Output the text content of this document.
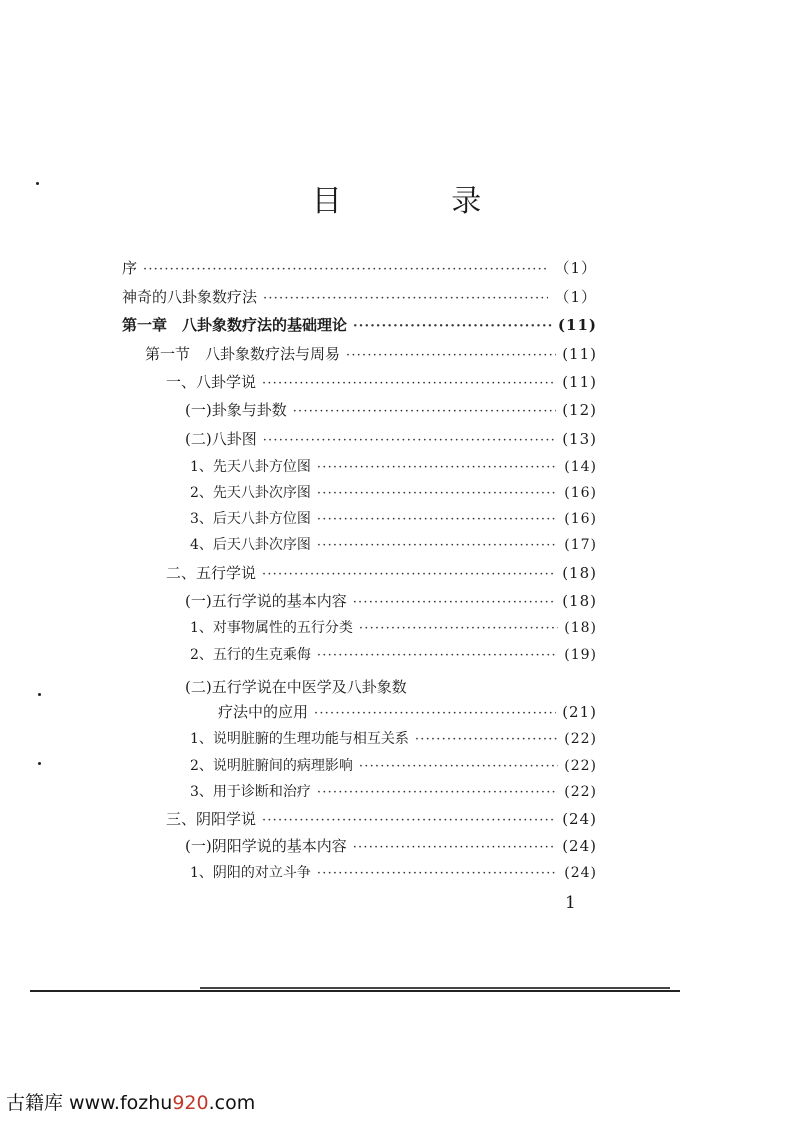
目 录
序 ·····	（1）
神奇的八卦象数疗法 ·····	（1）
第一章　八卦象数疗法的基础理论 ·····	(11)
第一节　八卦象数疗法与周易 ·····	(11)
一、八卦学说 ·····	(11)
(一)卦象与卦数 ·····	(12)
(二)八卦图 ·····	(13)
1、先天八卦方位图 ·····	(14)
2、先天八卦次序图 ·····	(16)
3、后天八卦方位图 ·····	(16)
4、后天八卦次序图 ·····	(17)
二、五行学说 ·····	(18)
(一)五行学说的基本内容 ·····	(18)
1、对事物属性的五行分类 ·····	(18)
2、五行的生克乘侮 ·····	(19)
(二)五行学说在中医学及八卦象数
疗法中的应用 ·····	(21)
1、说明脏腑的生理功能与相互关系 ·····	(22)
2、说明脏腑间的病理影响 ·····	(22)
3、用于诊断和治疗 ·····	(22)
三、阴阳学说 ·····	(24)
(一)阴阳学说的基本内容 ·····	(24)
1、阴阳的对立斗争 ·····	(24)
1
古籍库 www.fozhu920.com
